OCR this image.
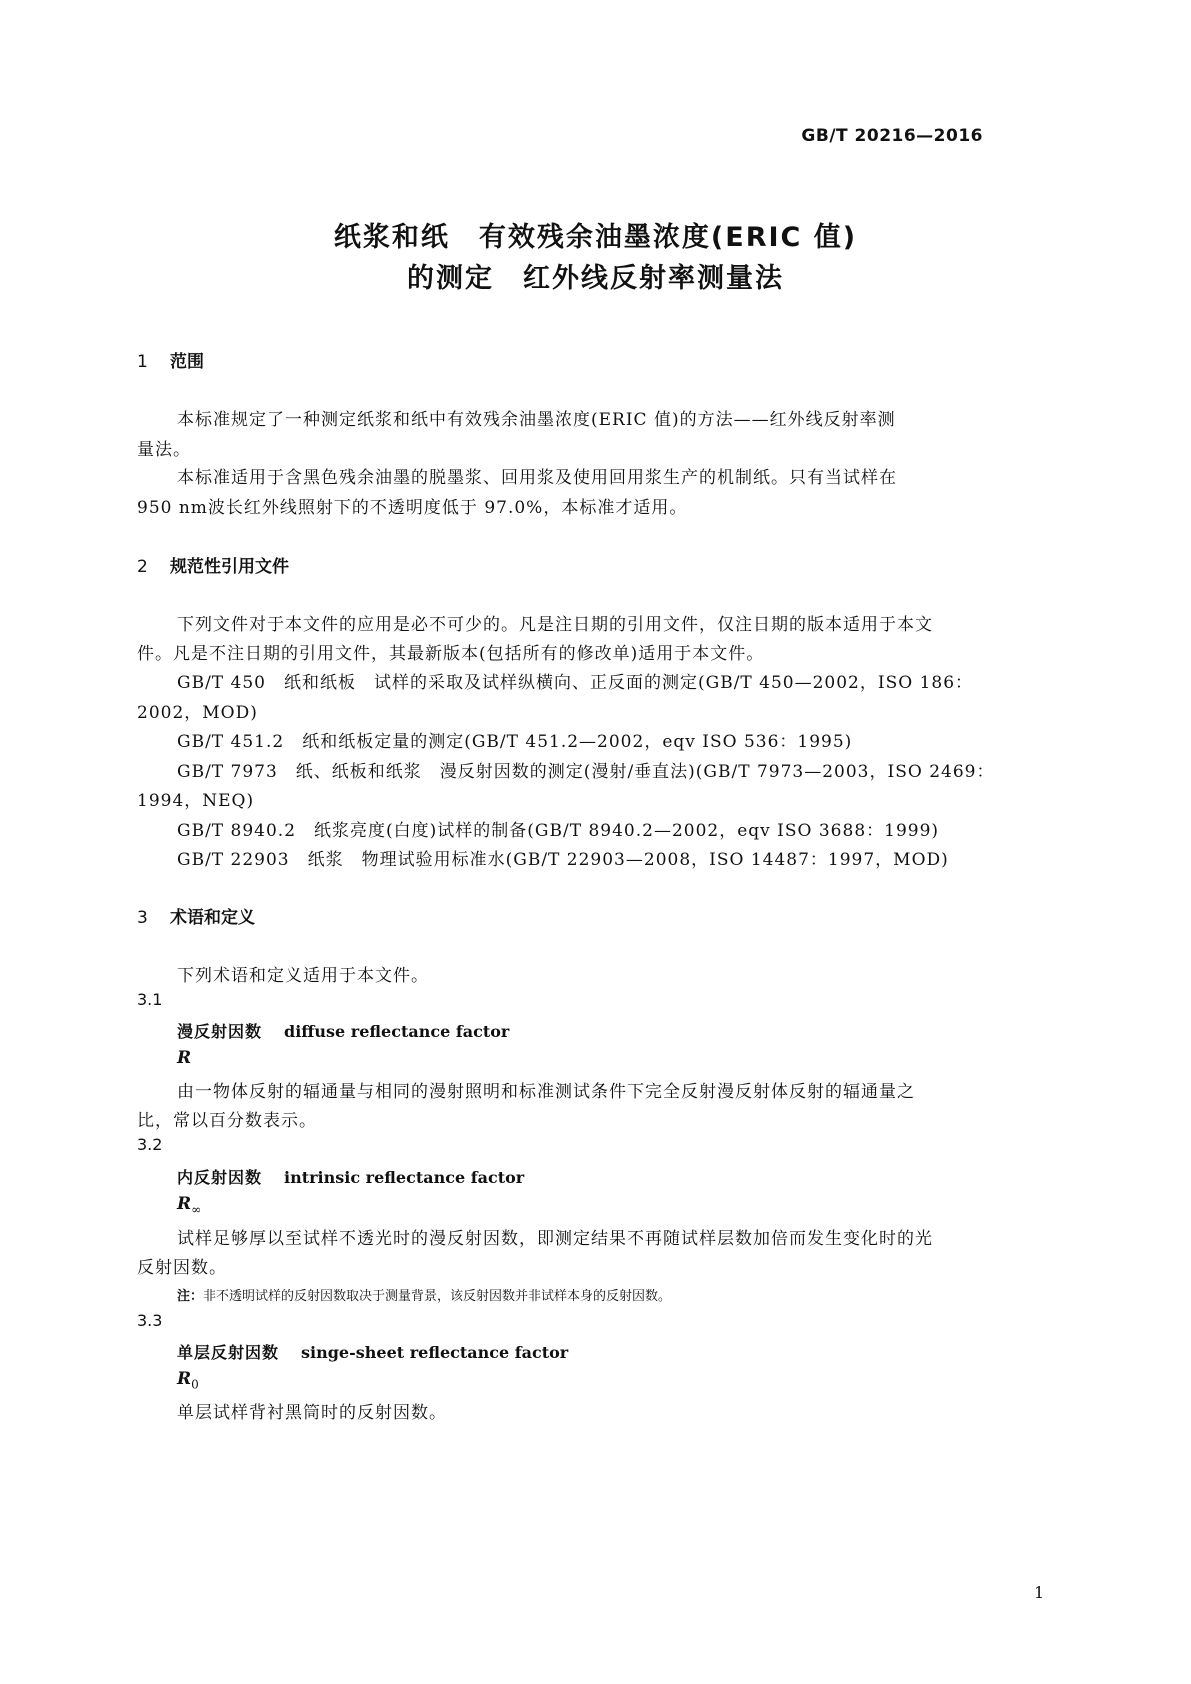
GB/T 20216—2016
纸浆和纸　有效残余油墨浓度(ERIC 值)
的测定　红外线反射率测量法
1 范围
本标准规定了一种测定纸浆和纸中有效残余油墨浓度(ERIC 值)的方法——红外线反射率测
量法。
本标准适用于含黑色残余油墨的脱墨浆、回用浆及使用回用浆生产的机制纸。只有当试样在
950 nm波长红外线照射下的不透明度低于 97.0%，本标准才适用。
2 规范性引用文件
下列文件对于本文件的应用是必不可少的。凡是注日期的引用文件，仅注日期的版本适用于本文
件。凡是不注日期的引用文件，其最新版本(包括所有的修改单)适用于本文件。
GB/T 450　纸和纸板　试样的采取及试样纵横向、正反面的测定(GB/T 450—2002，ISO 186：
2002，MOD)
GB/T 451.2　纸和纸板定量的测定(GB/T 451.2—2002，eqv ISO 536：1995)
GB/T 7973　纸、纸板和纸浆　漫反射因数的测定(漫射/垂直法)(GB/T 7973—2003，ISO 2469：
1994，NEQ)
GB/T 8940.2　纸浆亮度(白度)试样的制备(GB/T 8940.2—2002，eqv ISO 3688：1999)
GB/T 22903　纸浆　物理试验用标准水(GB/T 22903—2008，ISO 14487：1997，MOD)
3 术语和定义
下列术语和定义适用于本文件。
3.1
漫反射因数 diffuse reflectance factor
R
由一物体反射的辐通量与相同的漫射照明和标准测试条件下完全反射漫反射体反射的辐通量之
比，常以百分数表示。
3.2
内反射因数 intrinsic reflectance factor
$R_\infty$
试样足够厚以至试样不透光时的漫反射因数，即测定结果不再随试样层数加倍而发生变化时的光
反射因数。
注：非不透明试样的反射因数取决于测量背景，该反射因数并非试样本身的反射因数。
3.3
单层反射因数 singe-sheet reflectance factor
$R_0$
单层试样背衬黑筒时的反射因数。
1
